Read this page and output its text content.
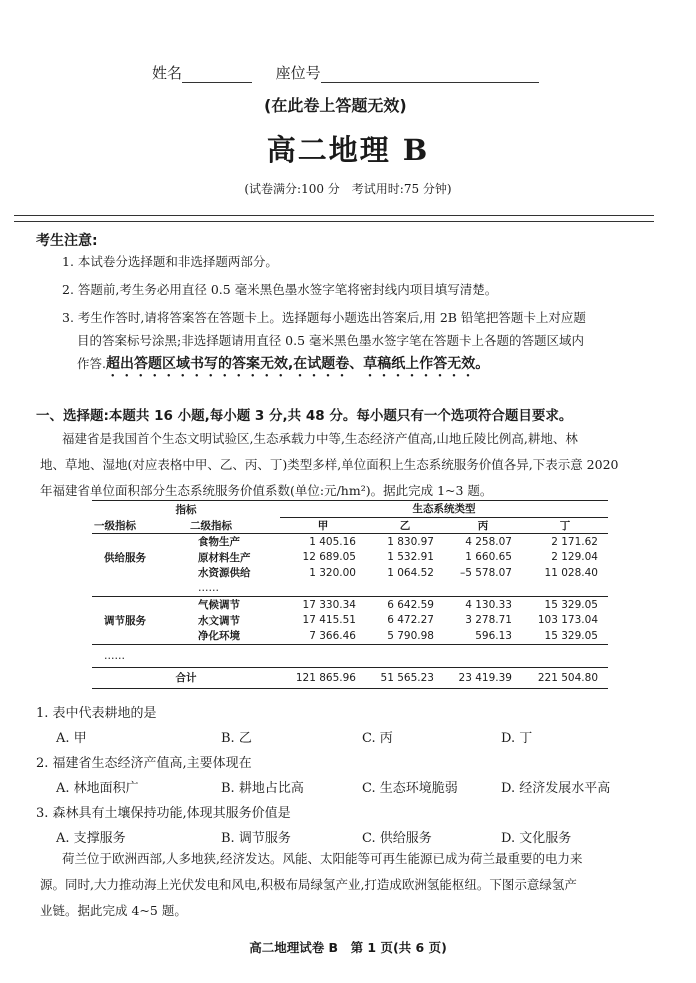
姓名	座位号
(在此卷上答题无效)
高二地理 B
(试卷满分:100 分　考试用时:75 分钟)
考生注意:
1. 本试卷分选择题和非选择题两部分。
2. 答题前,考生务必用直径 0.5 毫米黑色墨水签字笔将密封线内项目填写清楚。
3. 考生作答时,请将答案答在答题卡上。选择题每小题选出答案后,用 2B 铅笔把答题卡上对应题
目的答案标号涂黑;非选择题请用直径 0.5 毫米黑色墨水签字笔在答题卡上各题的答题区域内
作答.超出答题区域书写的答案无效,在试题卷、草稿纸上作答无效。
一、选择题:本题共 16 小题,每小题 3 分,共 48 分。每小题只有一个选项符合题目要求。
福建省是我国首个生态文明试验区,生态承载力中等,生态经济产值高,山地丘陵比例高,耕地、林
地、草地、湿地(对应表格中甲、乙、丙、丁)类型多样,单位面积上生态系统服务价值各异,下表示意 2020
年福建省单位面积部分生态系统服务价值系数(单位:元/hm²)。据此完成 1~3 题。
指标		生态系统类型			
一级指标	二级指标	甲	乙	丙	丁
供给服务	食物生产	1 405.16	1 830.97	4 258.07	2 171.62
	原材料生产	12 689.05	1 532.91	1 660.65	2 129.04
	水资源供给	1 320.00	1 064.52	–5 578.07	11 028.40
	……				
调节服务	气候调节	17 330.34	6 642.59	4 130.33	15 329.05
	水文调节	17 415.51	6 472.27	3 278.71	103 173.04
	净化环境	7 366.46	5 790.98	596.13	15 329.05
……					
合计		121 865.96	51 565.23	23 419.39	221 504.80
1. 表中代表耕地的是
A. 甲	B. 乙	C. 丙	D. 丁
2. 福建省生态经济产值高,主要体现在
A. 林地面积广	B. 耕地占比高	C. 生态环境脆弱	D. 经济发展水平高
3. 森林具有土壤保持功能,体现其服务价值是
A. 支撑服务	B. 调节服务	C. 供给服务	D. 文化服务
荷兰位于欧洲西部,人多地狭,经济发达。风能、太阳能等可再生能源已成为荷兰最重要的电力来
源。同时,大力推动海上光伏发电和风电,积极布局绿氢产业,打造成欧洲氢能枢纽。下图示意绿氢产
业链。据此完成 4~5 题。
高二地理试卷 B　第 1 页(共 6 页)
